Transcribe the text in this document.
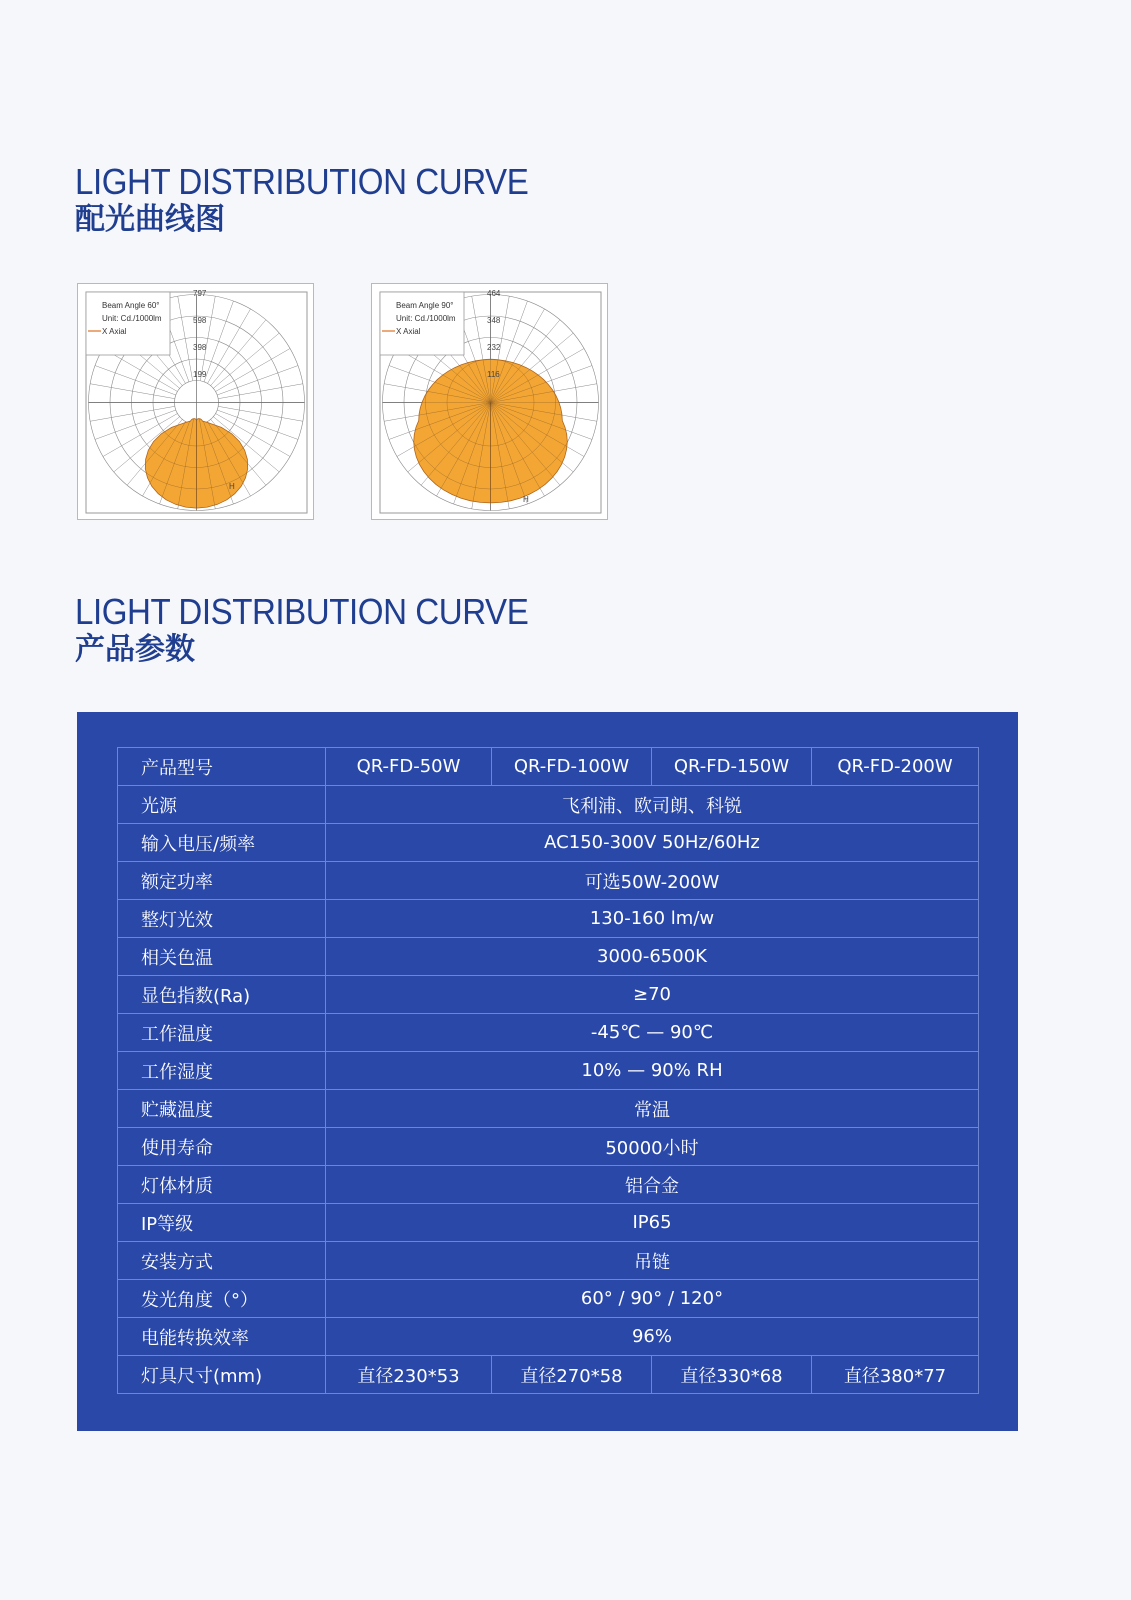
LIGHT DISTRIBUTION CURVE
配光曲线图
Beam Angle 60°
Unit: Cd./1000lm
X Axial
797
598
398
199
H
Beam Angle 90°
Unit: Cd./1000lm
X Axial
464
348
232
116
H
LIGHT DISTRIBUTION CURVE
产品参数
产品型号	QR-FD-50W	QR-FD-100W	QR-FD-150W	QR-FD-200W
光源	飞利浦、欧司朗、科锐			
输入电压/频率	AC150-300V 50Hz/60Hz			
额定功率	可选50W-200W			
整灯光效	130-160 lm/w			
相关色温	3000-6500K			
显色指数(Ra)	≥70			
工作温度	-45℃ — 90℃			
工作湿度	10% — 90% RH			
贮藏温度	常温			
使用寿命	50000小时			
灯体材质	铝合金			
IP等级	IP65			
安装方式	吊链			
发光角度（°）	60° / 90° / 120°			
电能转换效率	96%			
灯具尺寸(mm)	直径230*53	直径270*58	直径330*68	直径380*77
